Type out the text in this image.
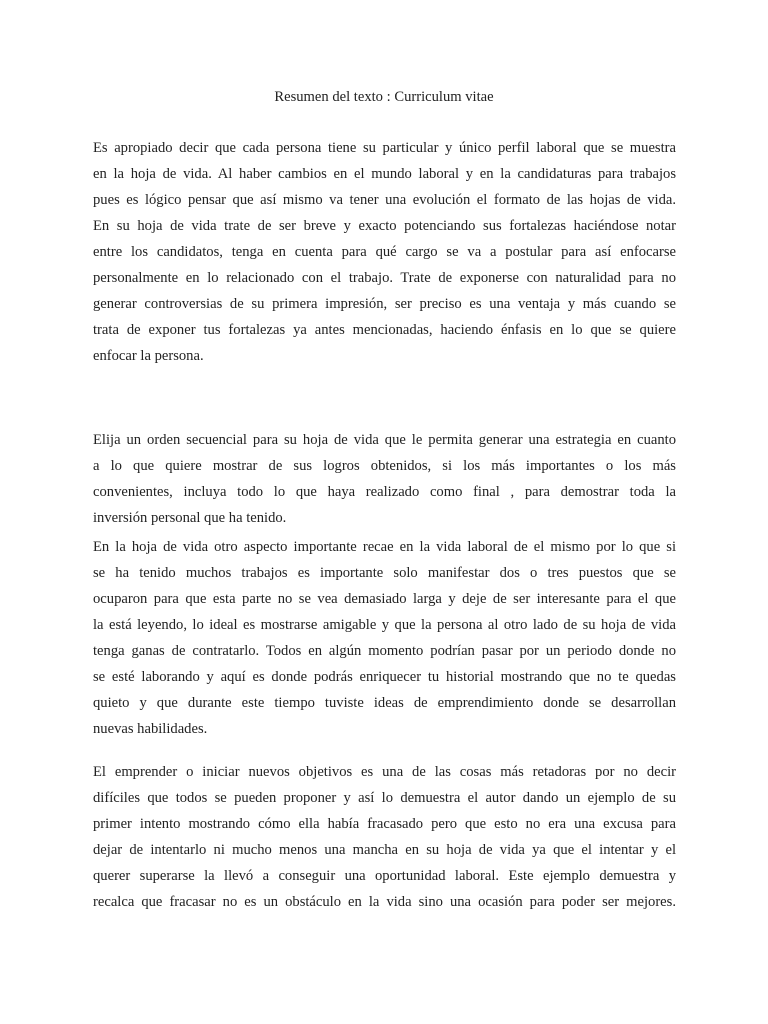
Resumen del texto : Curriculum vitae
Es apropiado decir que cada persona tiene su particular y único perfil laboral que se muestra
en la hoja de vida. Al haber cambios en el mundo laboral y en la candidaturas para trabajos
pues es lógico pensar que así mismo va tener una evolución el formato de las hojas de vida.
En su hoja de vida trate de ser breve y exacto potenciando sus fortalezas haciéndose notar
entre los candidatos, tenga en cuenta para qué cargo se va a postular para así enfocarse
personalmente en lo relacionado con el trabajo. Trate de exponerse con naturalidad para no
generar controversias de su primera impresión, ser preciso es una ventaja y más cuando se
trata de exponer tus fortalezas ya antes mencionadas, haciendo énfasis en lo que se quiere
enfocar la persona.
Elija un orden secuencial para su hoja de vida que le permita generar una estrategia en cuanto
a lo que quiere mostrar de sus logros obtenidos, si los más importantes o los más
convenientes, incluya todo lo que haya realizado como final , para demostrar toda la
inversión personal que ha tenido.
En la hoja de vida otro aspecto importante recae en la vida laboral de el mismo por lo que si
se ha tenido muchos trabajos es importante solo manifestar dos o tres puestos que se
ocuparon para que esta parte no se vea demasiado larga y deje de ser interesante para el que
la está leyendo, lo ideal es mostrarse amigable y que la persona al otro lado de su hoja de vida
tenga ganas de contratarlo. Todos en algún momento podrían pasar por un periodo donde no
se esté laborando y aquí es donde podrás enriquecer tu historial mostrando que no te quedas
quieto y que durante este tiempo tuviste ideas de emprendimiento donde se desarrollan
nuevas habilidades.
El emprender o iniciar nuevos objetivos es una de las cosas más retadoras por no decir
difíciles que todos se pueden proponer y así lo demuestra el autor dando un ejemplo de su
primer intento mostrando cómo ella había fracasado pero que esto no era una excusa para
dejar de intentarlo ni mucho menos una mancha en su hoja de vida ya que el intentar y el
querer superarse la llevó a conseguir una oportunidad laboral. Este ejemplo demuestra y
recalca que fracasar no es un obstáculo en la vida sino una ocasión para poder ser mejores.
